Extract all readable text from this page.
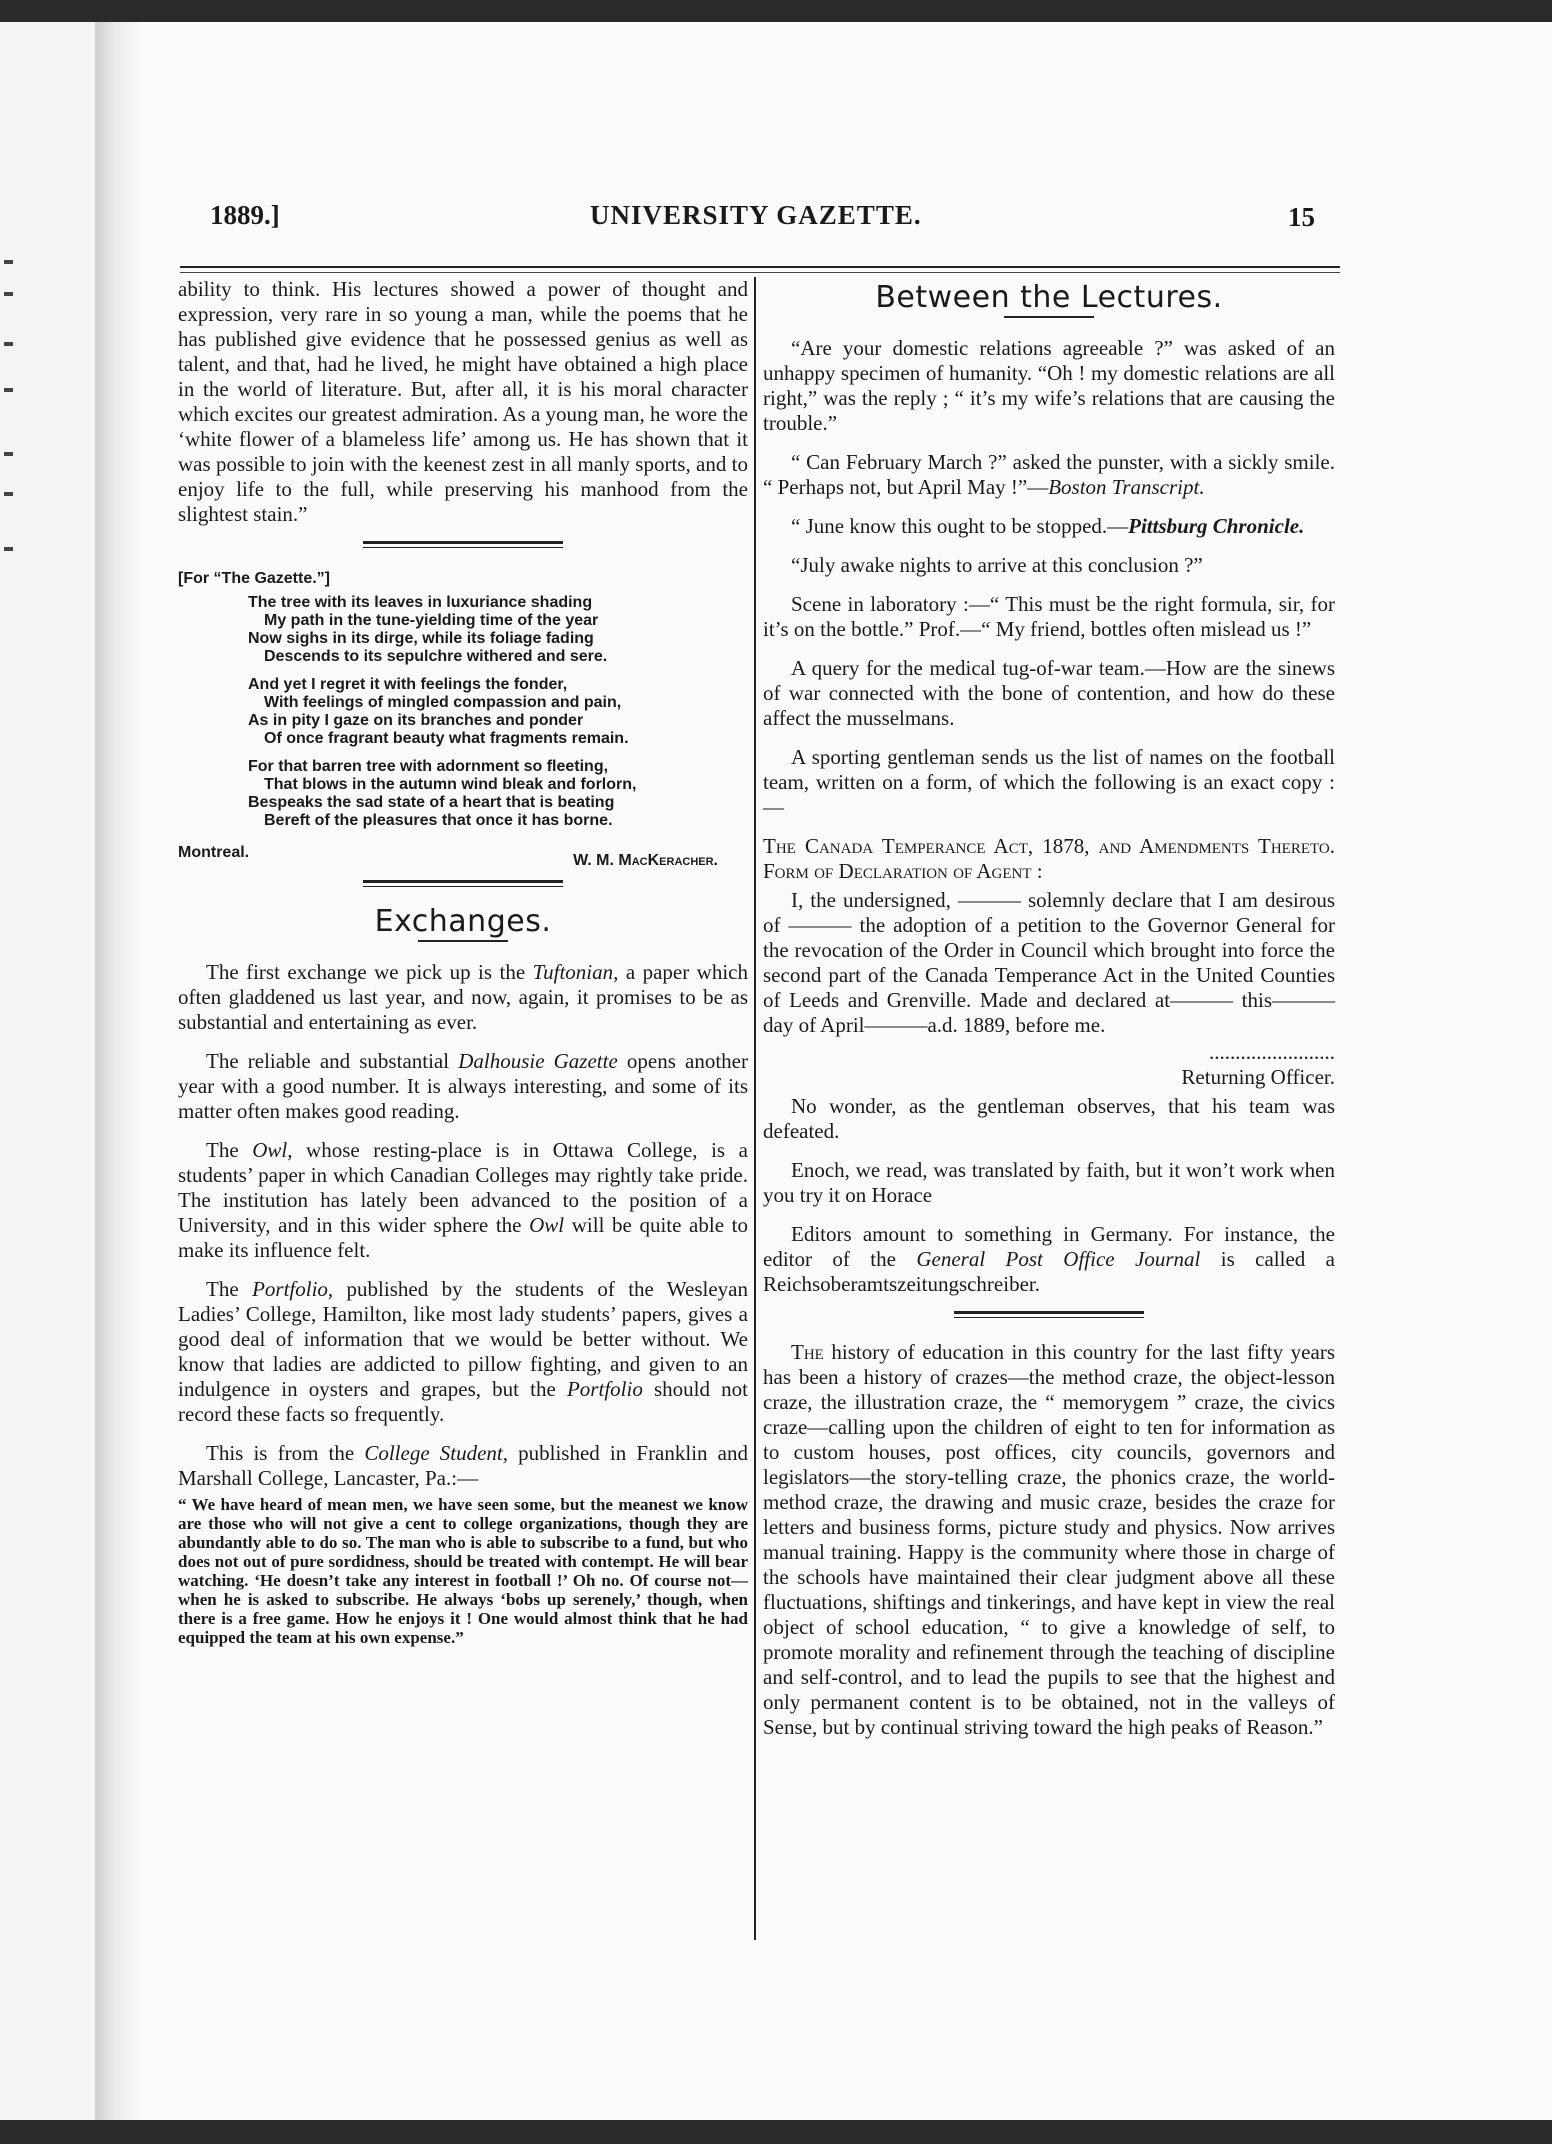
1889.]	UNIVERSITY GAZETTE.	15

ability to think. His lectures showed a power of thought and expression, very rare in so young a man, while the poems that he has published give evidence that he possessed genius as well as talent, and that, had he lived, he might have obtained a high place in the world of literature. But, after all, it is his moral character which excites our greatest admiration. As a young man, he wore the ‘white flower of a blameless life’ among us. He has shown that it was possible to join with the keenest zest in all manly sports, and to enjoy life to the full, while preserving his manhood from the slightest stain.”

[For “The Gazette.”]
The tree with its leaves in luxuriance shading
My path in the tune-yielding time of the year
Now sighs in its dirge, while its foliage fading
Descends to its sepulchre withered and sere.
And yet I regret it with feelings the fonder,
With feelings of mingled compassion and pain,
As in pity I gaze on its branches and ponder
Of once fragrant beauty what fragments remain.
For that barren tree with adornment so fleeting,
That blows in the autumn wind bleak and forlorn,
Bespeaks the sad state of a heart that is beating
Bereft of the pleasures that once it has borne.
Montreal.	W. M. MacKeracher.
Exchanges.

The first exchange we pick up is the Tuftonian, a paper which often gladdened us last year, and now, again, it promises to be as substantial and entertaining as ever.

The reliable and substantial Dalhousie Gazette opens another year with a good number. It is always interesting, and some of its matter often makes good reading.

The Owl, whose resting-place is in Ottawa College, is a students’ paper in which Canadian Colleges may rightly take pride. The institution has lately been advanced to the position of a University, and in this wider sphere the Owl will be quite able to make its influence felt.

The Portfolio, published by the students of the Wesleyan Ladies’ College, Hamilton, like most lady students’ papers, gives a good deal of information that we would be better without. We know that ladies are addicted to pillow fighting, and given to an indulgence in oysters and grapes, but the Portfolio should not record these facts so frequently.

This is from the College Student, published in Franklin and Marshall College, Lancaster, Pa.:—

“ We have heard of mean men, we have seen some, but the meanest we know are those who will not give a cent to college organizations, though they are abundantly able to do so. The man who is able to subscribe to a fund, but who does not out of pure sordidness, should be treated with contempt. He will bear watching. ‘He doesn’t take any interest in football !’ Oh no. Of course not—when he is asked to subscribe. He always ‘bobs up serenely,’ though, when there is a free game. How he enjoys it ! One would almost think that he had equipped the team at his own expense.”

Between the Lectures.

“Are your domestic relations agreeable ?” was asked of an unhappy specimen of humanity. “Oh ! my domestic relations are all right,” was the reply ; “ it’s my wife’s relations that are causing the trouble.”

“ Can February March ?” asked the punster, with a sickly smile. “ Perhaps not, but April May !”—Boston Transcript.

“ June know this ought to be stopped.—Pittsburg Chronicle.

“July awake nights to arrive at this conclusion ?”

Scene in laboratory :—“ This must be the right formula, sir, for it’s on the bottle.” Prof.—“ My friend, bottles often mislead us !”

A query for the medical tug-of-war team.—How are the sinews of war connected with the bone of contention, and how do these affect the musselmans.

A sporting gentleman sends us the list of names on the football team, written on a form, of which the following is an exact copy :—

The Canada Temperance Act, 1878, and Amendments Thereto. Form of Declaration of Agent :

I, the undersigned, ——— solemnly declare that I am desirous of ——— the adoption of a petition to the Governor General for the revocation of the Order in Council which brought into force the second part of the Canada Temperance Act in the United Counties of Leeds and Grenville. Made and declared at——— this———day of April———a.d. 1889, before me.

........................

Returning Officer.

No wonder, as the gentleman observes, that his team was defeated.

Enoch, we read, was translated by faith, but it won’t work when you try it on Horace

Editors amount to something in Germany. For instance, the editor of the General Post Office Journal is called a Reichsoberamtszeitungschreiber.

The history of education in this country for the last fifty years has been a history of crazes—the method craze, the object-lesson craze, the illustration craze, the “ memorygem ” craze, the civics craze—calling upon the children of eight to ten for information as to custom houses, post offices, city councils, governors and legislators—the story-telling craze, the phonics craze, the world-method craze, the drawing and music craze, besides the craze for letters and business forms, picture study and physics. Now arrives manual training. Happy is the community where those in charge of the schools have maintained their clear judgment above all these fluctuations, shiftings and tinkerings, and have kept in view the real object of school education, “ to give a knowledge of self, to promote morality and refinement through the teaching of discipline and self-control, and to lead the pupils to see that the highest and only permanent content is to be obtained, not in the valleys of Sense, but by continual striving toward the high peaks of Reason.”
